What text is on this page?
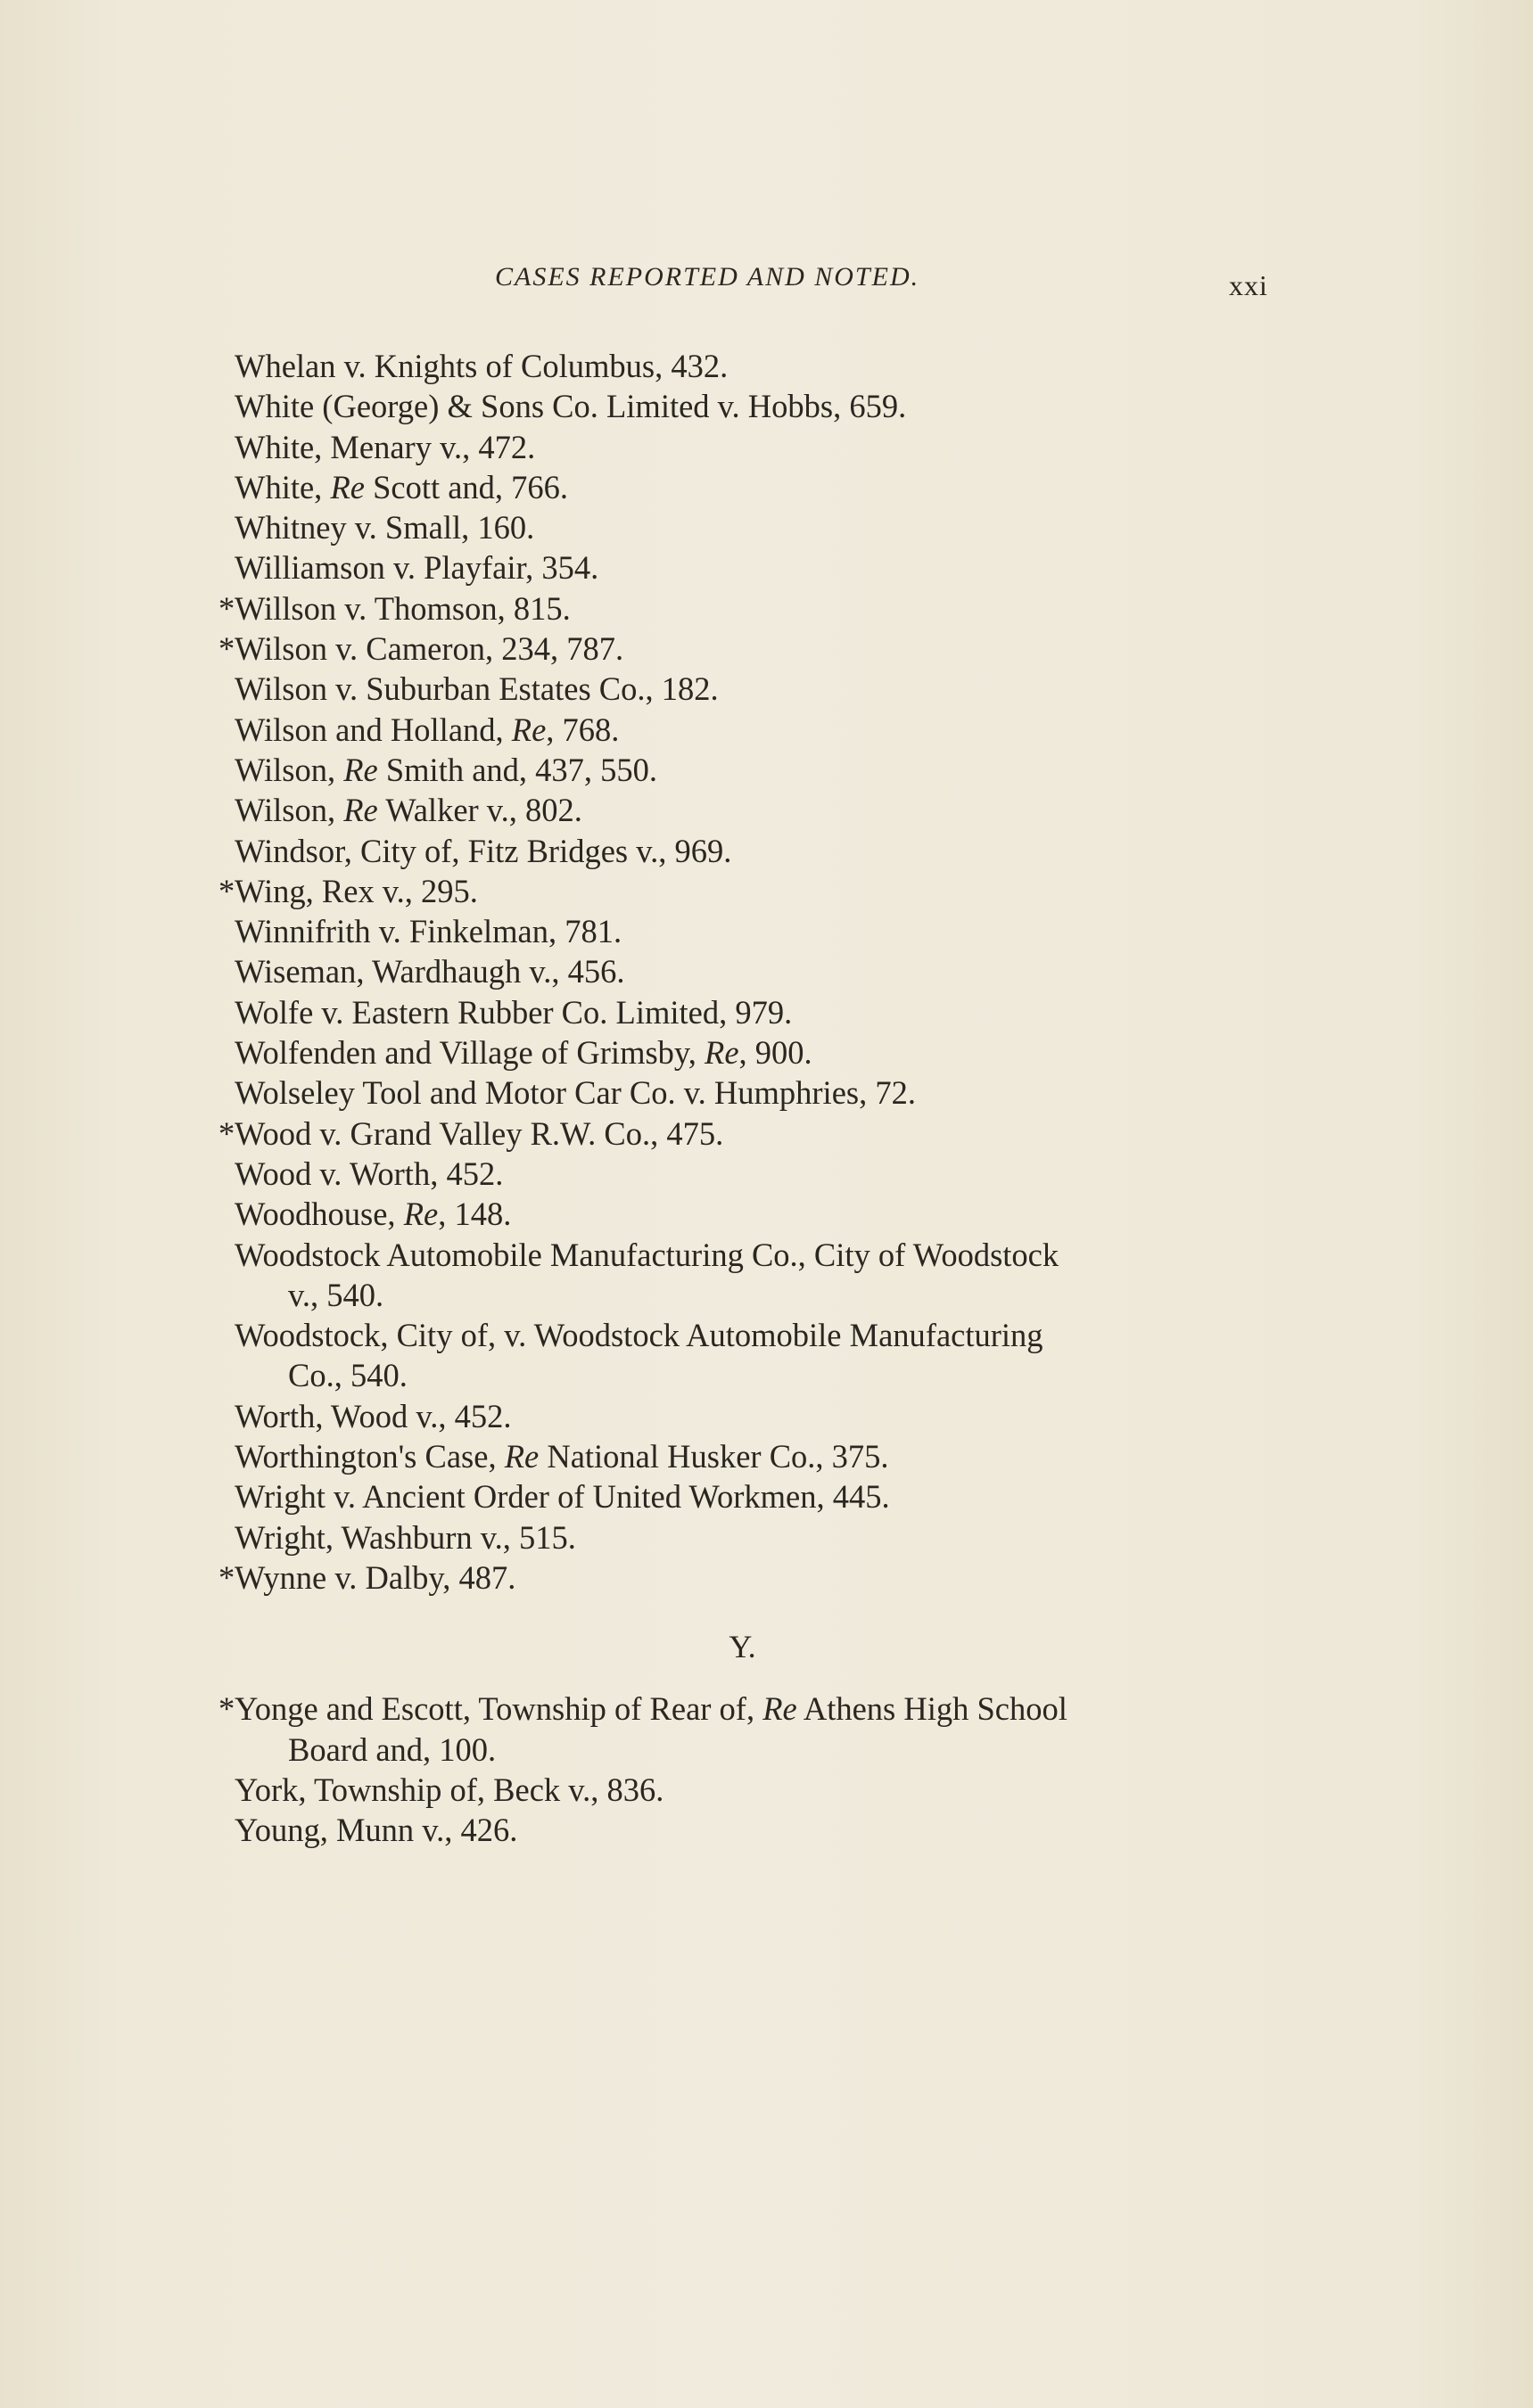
CASES REPORTED AND NOTED.	xxi
Whelan v. Knights of Columbus, 432.
White (George) & Sons Co. Limited v. Hobbs, 659.
White, Menary v., 472.
White, Re Scott and, 766.
Whitney v. Small, 160.
Williamson v. Playfair, 354.
* Willson v. Thomson, 815.
* Wilson v. Cameron, 234, 787.
Wilson v. Suburban Estates Co., 182.
Wilson and Holland, Re, 768.
Wilson, Re Smith and, 437, 550.
Wilson, Re Walker v., 802.
Windsor, City of, Fitz Bridges v., 969.
* Wing, Rex v., 295.
Winnifrith v. Finkelman, 781.
Wiseman, Wardhaugh v., 456.
Wolfe v. Eastern Rubber Co. Limited, 979.
Wolfenden and Village of Grimsby, Re, 900.
Wolseley Tool and Motor Car Co. v. Humphries, 72.
* Wood v. Grand Valley R.W. Co., 475.
Wood v. Worth, 452.
Woodhouse, Re, 148.
Woodstock Automobile Manufacturing Co., City of Woodstock
v., 540.
Woodstock, City of, v. Woodstock Automobile Manufacturing
Co., 540.
Worth, Wood v., 452.
Worthington's Case, Re National Husker Co., 375.
Wright v. Ancient Order of United Workmen, 445.
Wright, Washburn v., 515.
* Wynne v. Dalby, 487.
Y.
* Yonge and Escott, Township of Rear of, Re Athens High School
Board and, 100.
York, Township of, Beck v., 836.
Young, Munn v., 426.
